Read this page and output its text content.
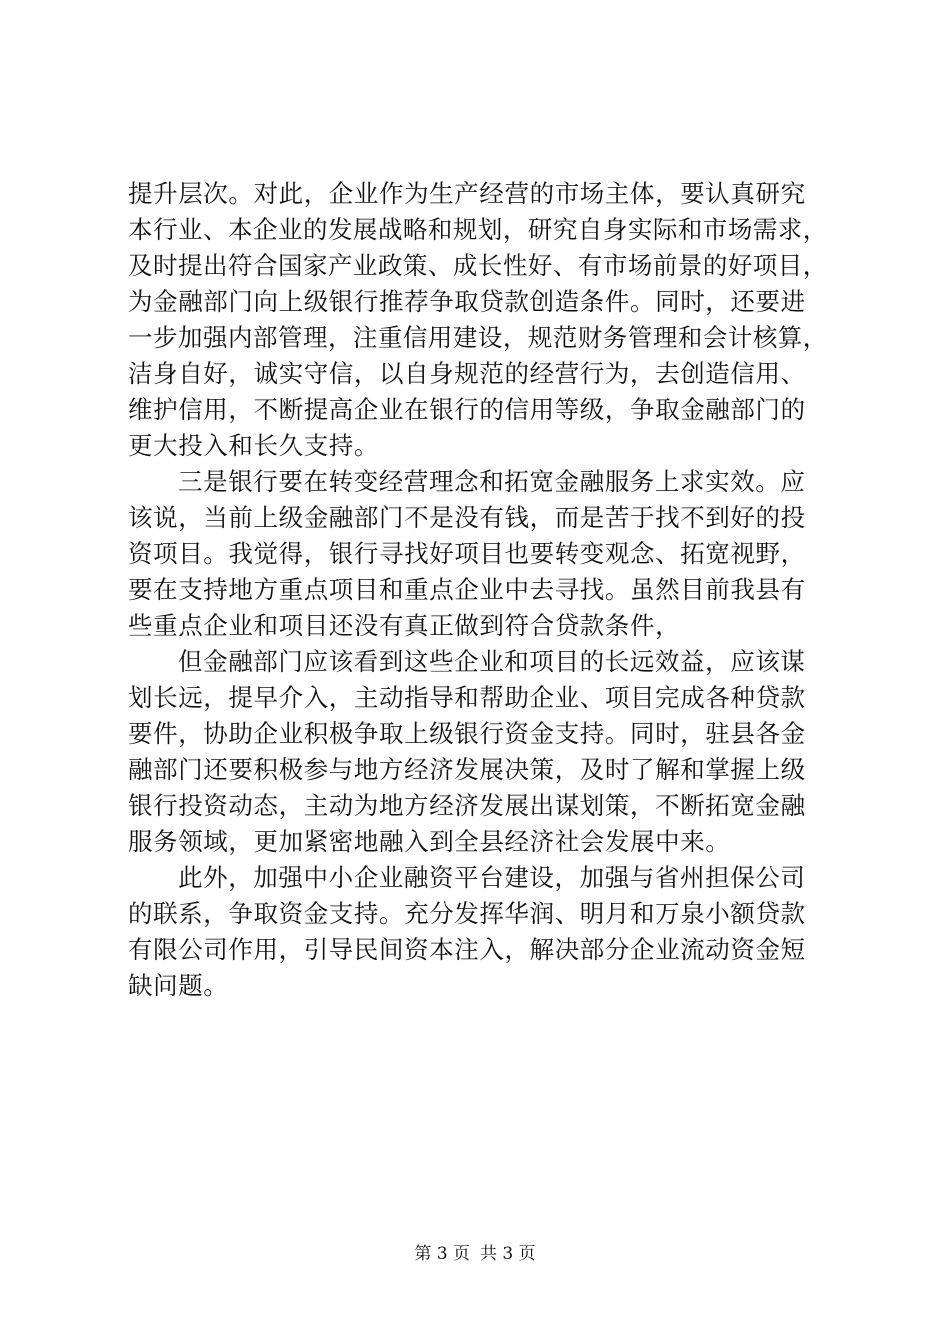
提升层次。对此，企业作为生产经营的市场主体，要认真研究
本行业、本企业的发展战略和规划，研究自身实际和市场需求，
及时提出符合国家产业政策、成长性好、有市场前景的好项目，
为金融部门向上级银行推荐争取贷款创造条件。同时，还要进
一步加强内部管理，注重信用建设，规范财务管理和会计核算，
洁身自好，诚实守信，以自身规范的经营行为，去创造信用、
维护信用，不断提高企业在银行的信用等级，争取金融部门的
更大投入和长久支持。
三是银行要在转变经营理念和拓宽金融服务上求实效。应
该说，当前上级金融部门不是没有钱，而是苦于找不到好的投
资项目。我觉得，银行寻找好项目也要转变观念、拓宽视野，
要在支持地方重点项目和重点企业中去寻找。虽然目前我县有
些重点企业和项目还没有真正做到符合贷款条件，
但金融部门应该看到这些企业和项目的长远效益，应该谋
划长远，提早介入，主动指导和帮助企业、项目完成各种贷款
要件，协助企业积极争取上级银行资金支持。同时，驻县各金
融部门还要积极参与地方经济发展决策，及时了解和掌握上级
银行投资动态，主动为地方经济发展出谋划策，不断拓宽金融
服务领域，更加紧密地融入到全县经济社会发展中来。
此外，加强中小企业融资平台建设，加强与省州担保公司
的联系，争取资金支持。充分发挥华润、明月和万泉小额贷款
有限公司作用，引导民间资本注入，解决部分企业流动资金短
缺问题。
第 3 页 共 3 页
